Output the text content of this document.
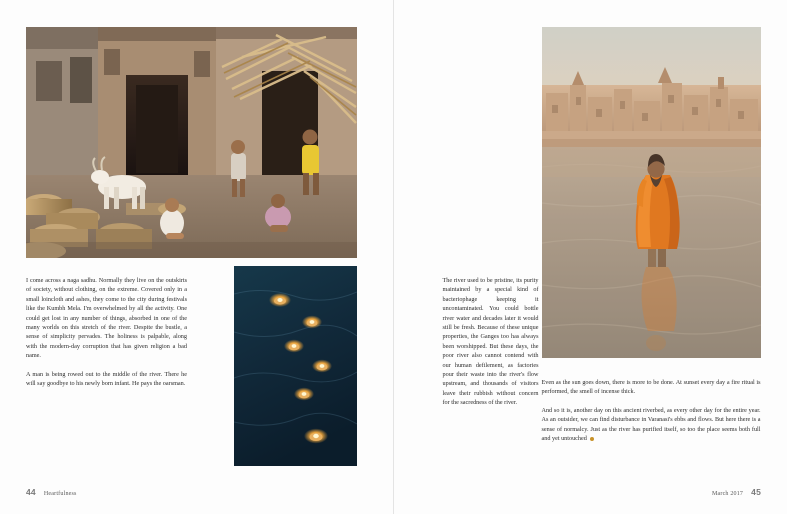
I come across a naga sadhu. Normally they live on the outskirts of society, without clothing, on the extreme. Covered only in a small loincloth and ashes, they come to the city during festivals like the Kumbh Mela. I'm overwhelmed by all the activity. One could get lost in any number of things, absorbed in one of the many worlds on this stretch of the river. Despite the bustle, a sense of simplicity pervades. The holiness is palpable, along with the modern-day corruption that has given religion a bad name.

A man is being rowed out to the middle of the river. There he will say goodbye to his newly born infant. He pays the oarsman.

44 Heartfulness

The river used to be pristine, its purity maintained by a special kind of bacteriophage keeping it uncontaminated. You could bottle river water and decades later it would still be fresh. Because of these unique properties, the Ganges too has always been worshipped. But these days, the poor river also cannot contend with our human defilement, as factories pour their waste into the river's flow upstream, and thousands of visitors leave their rubbish without concern for the sacredness of the river.

Even as the sun goes down, there is more to be done. At sunset every day a fire ritual is performed, the smell of incense thick.

And so it is, another day on this ancient riverbed, as every other day for the entire year. As an outsider, we can find disturbance in Varanasi's ebbs and flows. But here there is a sense of normalcy. Just as the river has purified itself, so too the place seems both full and yet untouched

March 2017 45
